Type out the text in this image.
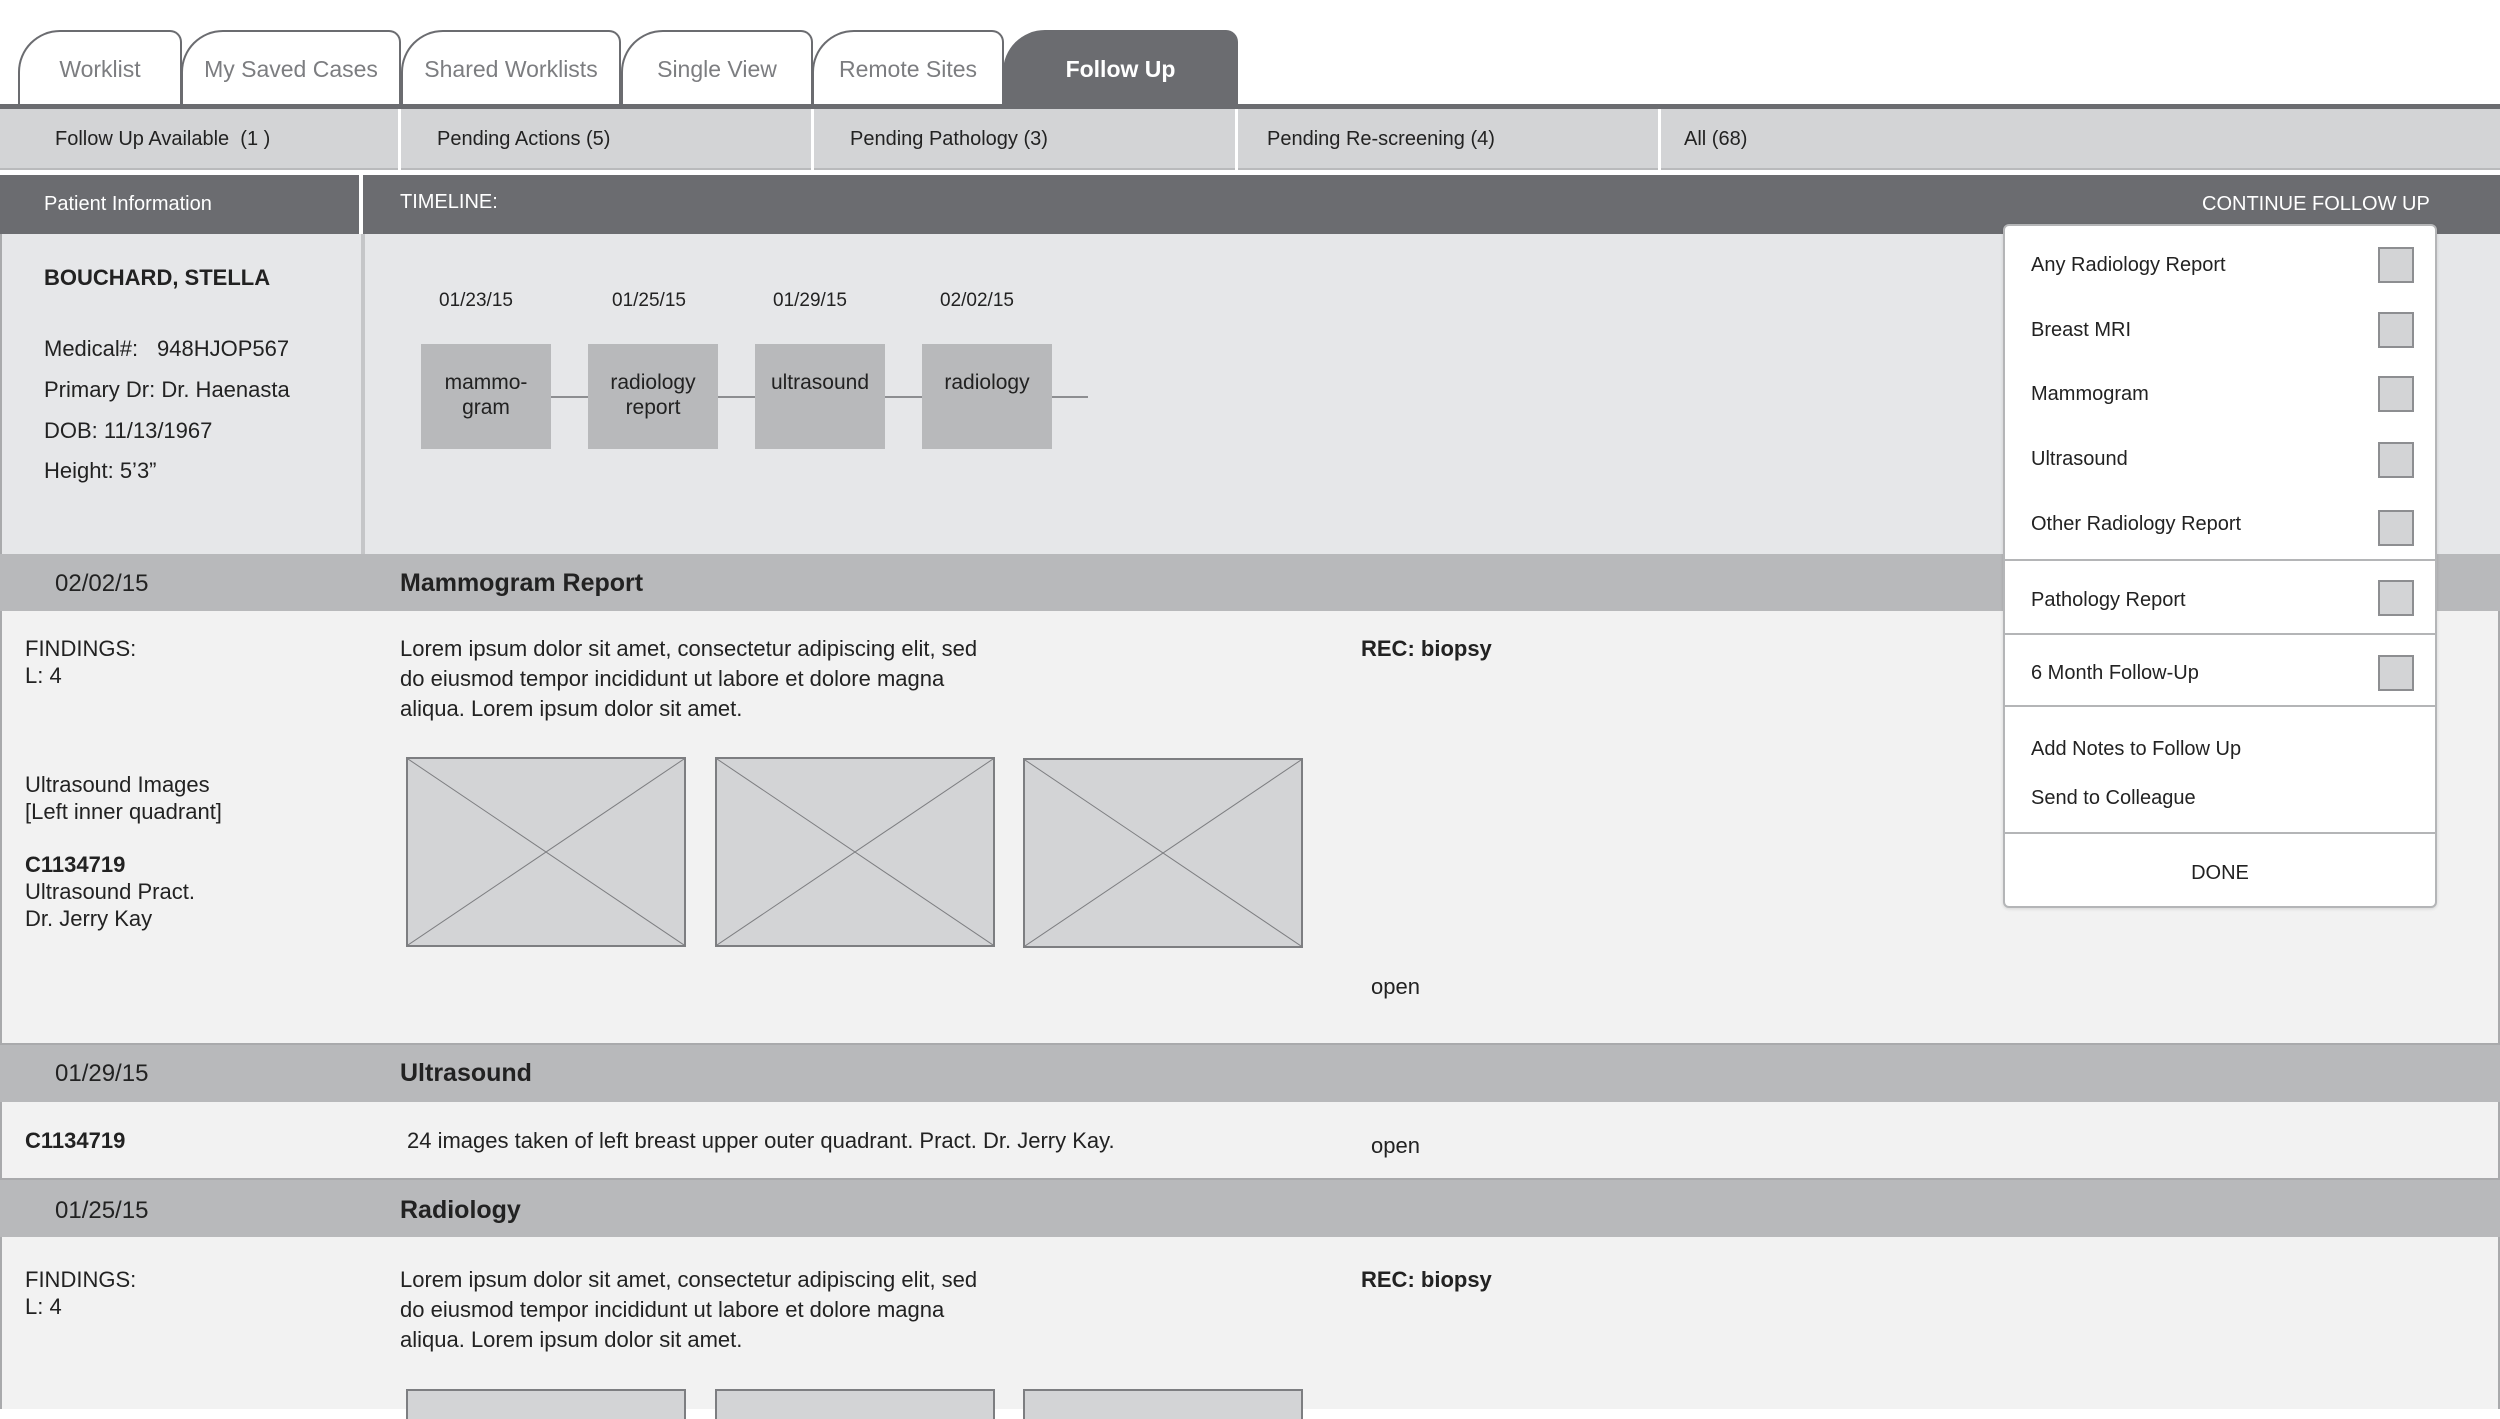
Worklist	My Saved Cases Shared Worklists	Single View	Remote Sites	Follow Up
Follow Up Available  (1 )	Pending Actions (5)	Pending Pathology (3)	Pending Re-screening (4)	All (68)
Patient Information	TIMELINE:	CONTINUE FOLLOW UP
BOUCHARD, STELLA
Medical#: 948HJOP567
Primary Dr: Dr. Haenasta
DOB: 11/13/1967
Height: 5’3”
01/23/15	01/25/15	01/29/15	02/02/15
mammo-
gram
radiology
report
ultrasound	radiology
02/02/15	Mammogram Report
FINDINGS:
L: 4
Lorem ipsum dolor sit amet, consectetur adipiscing elit, sed
do eiusmod tempor incididunt ut labore et dolore magna
aliqua. Lorem ipsum dolor sit amet.
REC: biopsy
Ultrasound Images
[Left inner quadrant]
C1134719
Ultrasound Pract.
Dr. Jerry Kay
open
01/29/15	Ultrasound
C1134719	24 images taken of left breast upper outer quadrant. Pract. Dr. Jerry Kay.	open
01/25/15	Radiology
FINDINGS:
L: 4
Lorem ipsum dolor sit amet, consectetur adipiscing elit, sed
do eiusmod tempor incididunt ut labore et dolore magna
aliqua. Lorem ipsum dolor sit amet.
REC: biopsy
Any Radiology Report
Breast MRI
Mammogram
Ultrasound
Other Radiology Report
Pathology Report
6 Month Follow-Up
Add Notes to Follow Up
Send to Colleague
DONE
